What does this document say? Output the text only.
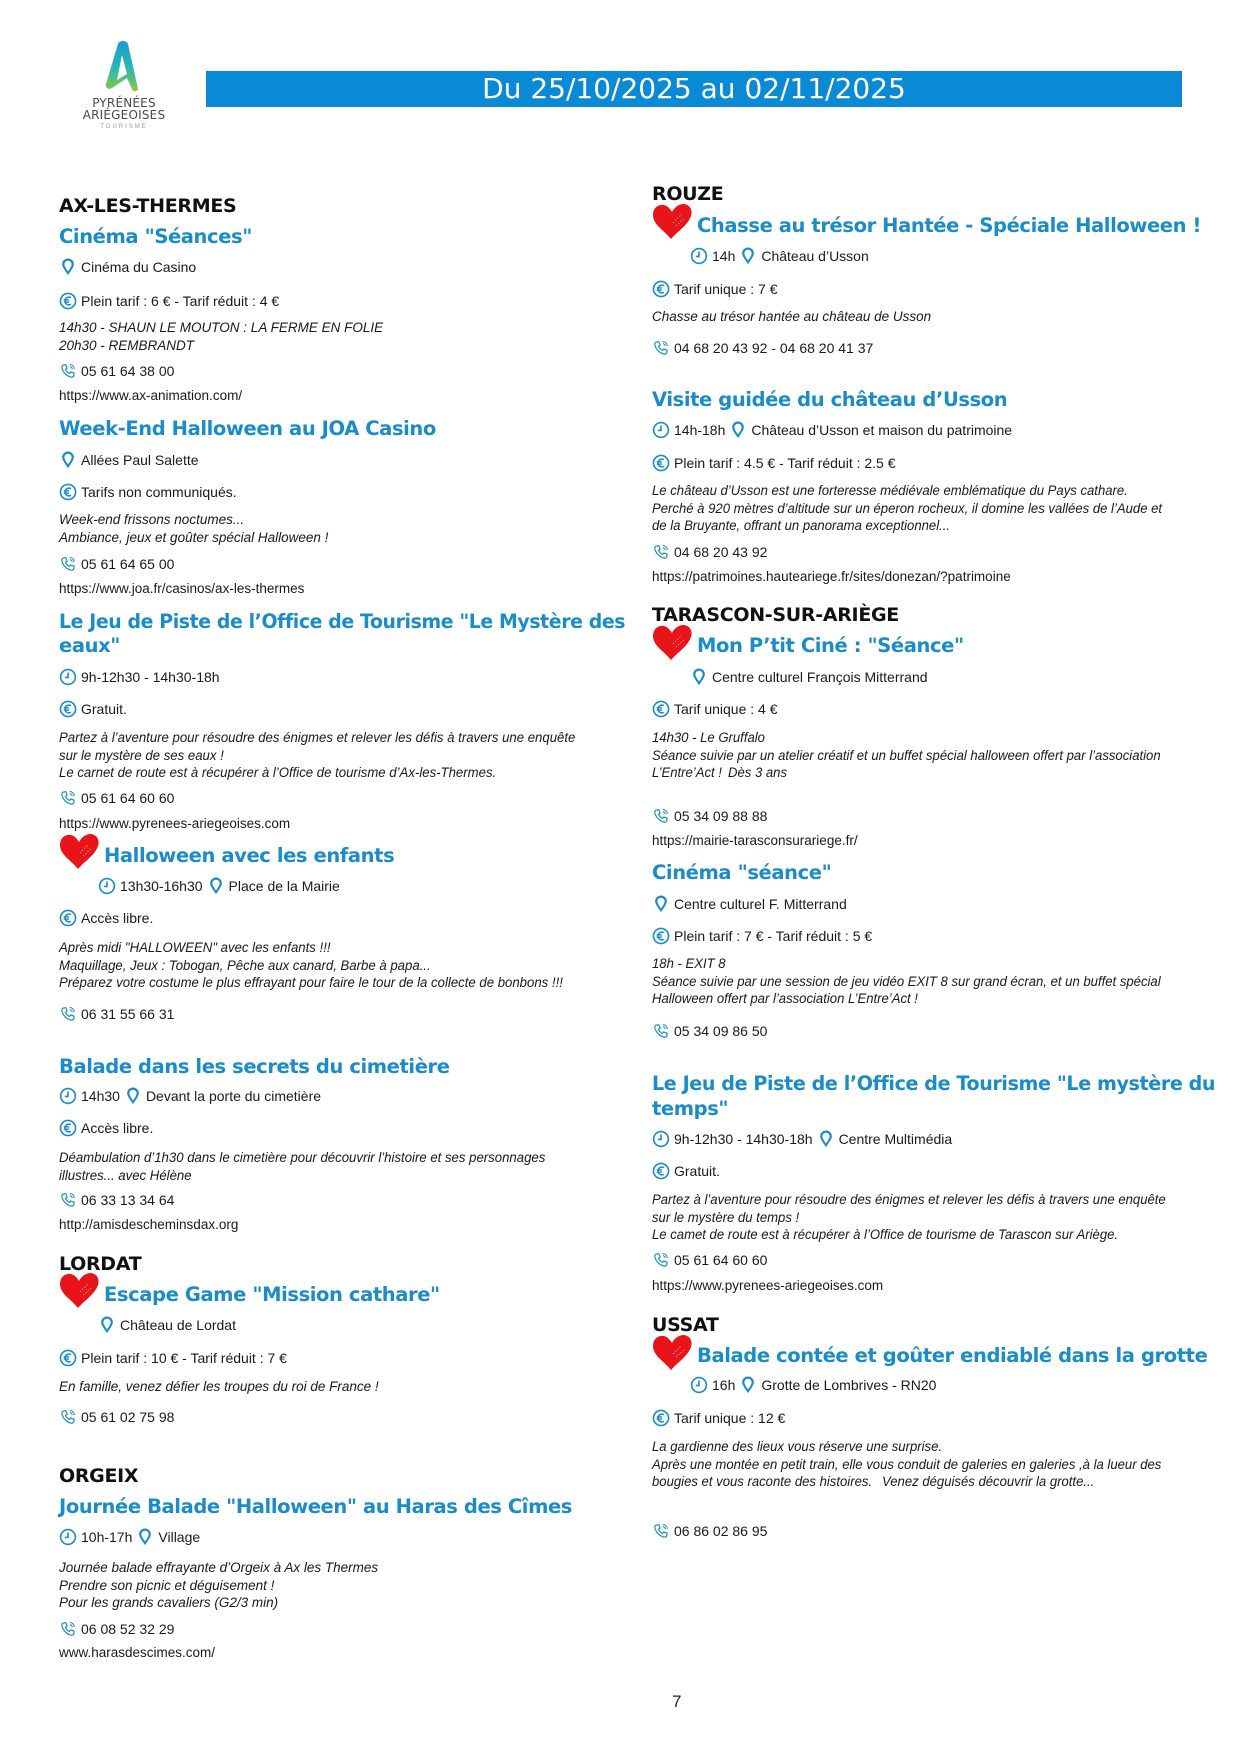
PYRÉNÉES
ARIÉGEOISES
TOURISME
Du 25/10/2025 au 02/11/2025
AX-LES-THERMES
Cinéma "Séances"
Cinéma du Casino
Plein tarif : 6 € - Tarif réduit : 4 €
14h30 - SHAUN LE MOUTON : LA FERME EN FOLIE
20h30 - REMBRANDT
05 61 64 38 00
https://www.ax-animation.com/
Week-End Halloween au JOA Casino
Allées Paul Salette
Tarifs non communiqués.
Week-end frissons noctumes...
Ambiance, jeux et goûter spécial Halloween !
05 61 64 65 00
https://www.joa.fr/casinos/ax-les-thermes
Le Jeu de Piste de l’Office de Tourisme "Le Mystère des
eaux"
9h-12h30 - 14h30-18h
Gratuit.
Partez à l’aventure pour résoudre des énigmes et relever les défis à travers une enquête sur le mystère de ses eaux ! Le carnet de route est à récupérer à l’Office de tourisme d’Ax-les-Thermes.
05 61 64 60 60
https://www.pyrenees-ariegeoises.com
Halloween avec les enfants
13h30-16h30 Place de la Mairie
Accès libre.
Après midi "HALLOWEEN" avec les enfants !!! Maquillage, Jeux : Tobogan, Pêche aux canard, Barbe à papa... Préparez votre costume le plus effrayant pour faire le tour de la collecte de bonbons !!!
06 31 55 66 31
Balade dans les secrets du cimetière
14h30 Devant la porte du cimetière
Accès libre.
Déambulation d’1h30 dans le cimetière pour découvrir l’histoire et ses personnages illustres... avec Hélène
06 33 13 34 64
http://amisdescheminsdax.org
LORDAT
Escape Game "Mission cathare"
Château de Lordat
Plein tarif : 10 € - Tarif réduit : 7 €
En famille, venez défier les troupes du roi de France !
05 61 02 75 98
ORGEIX
Journée Balade "Halloween" au Haras des Cîmes
10h-17h Village
Journée balade effrayante d’Orgeix à Ax les Thermes
Prendre son picnic et déguisement !
Pour les grands cavaliers (G2/3 min)
06 08 52 32 29
www.harasdescimes.com/
ROUZE
Chasse au trésor Hantée - Spéciale Halloween !
14h Château d’Usson
Tarif unique : 7 €
Chasse au trésor hantée au château de Usson
04 68 20 43 92 - 04 68 20 41 37
Visite guidée du château d’Usson
14h-18h Château d’Usson et maison du patrimoine
Plein tarif : 4.5 € - Tarif réduit : 2.5 €
Le château d’Usson est une forteresse médiévale emblématique du Pays cathare. Perché à 920 mètres d’altitude sur un éperon rocheux, il domine les vallées de l’Aude et de la Bruyante, offrant un panorama exceptionnel...
04 68 20 43 92
https://patrimoines.hauteariege.fr/sites/donezan/?patrimoine
TARASCON-SUR-ARIÈGE
Mon P’tit Ciné : "Séance"
Centre culturel François Mitterrand
Tarif unique : 4 €
14h30 - Le Gruffalo Séance suivie par un atelier créatif et un buffet spécial halloween offert par l’association L’Entre’Act ! Dès 3 ans
05 34 09 88 88
https://mairie-tarasconsurariege.fr/
Cinéma "séance"
Centre culturel F. Mitterrand
Plein tarif : 7 € - Tarif réduit : 5 €
18h - EXIT 8 Séance suivie par une session de jeu vidéo EXIT 8 sur grand écran, et un buffet spécial Halloween offert par l’association L’Entre’Act !
05 34 09 86 50
Le Jeu de Piste de l’Office de Tourisme "Le mystère du
temps"
9h-12h30 - 14h30-18h Centre Multimédia
Gratuit.
Partez à l’aventure pour résoudre des énigmes et relever les défis à travers une enquête sur le mystère du temps ! Le camet de route est à récupérer à l’Office de tourisme de Tarascon sur Ariège.
05 61 64 60 60
https://www.pyrenees-ariegeoises.com
USSAT
Balade contée et goûter endiablé dans la grotte
16h Grotte de Lombrives - RN20
Tarif unique : 12 €
La gardienne des lieux vous réserve une surprise. Après une montée en petit train, elle vous conduit de galeries en galeries ,à la lueur des bougies et vous raconte des histoires. Venez déguisés découvrir la grotte...
06 86 02 86 95
7
